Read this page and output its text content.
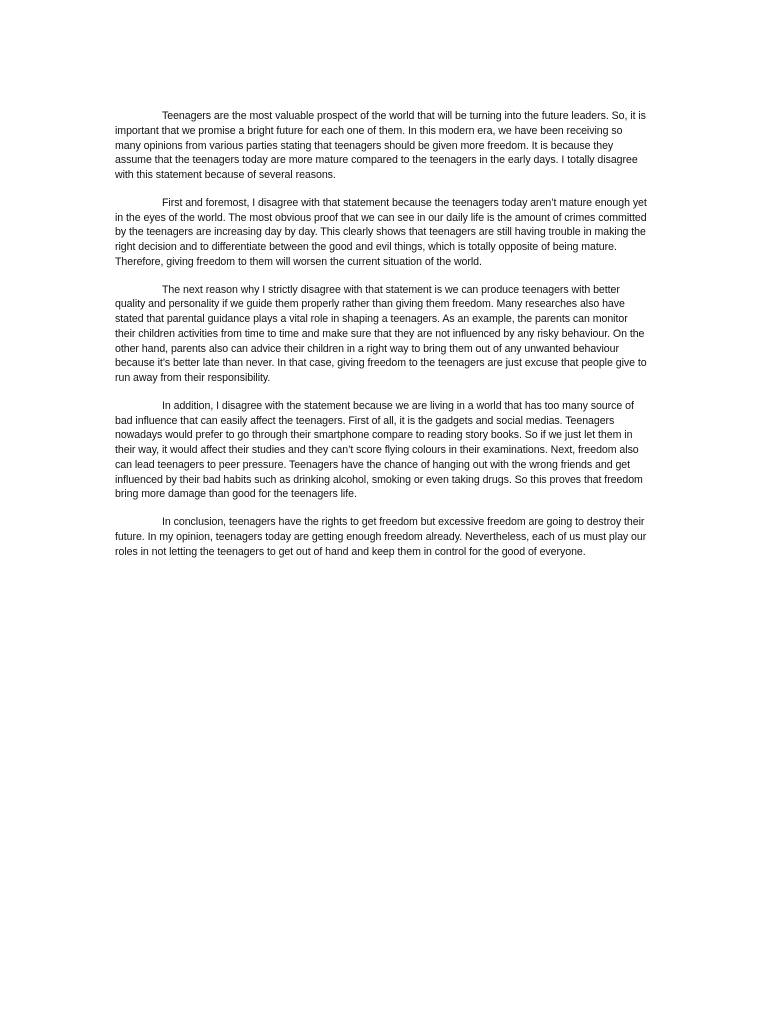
Teenagers are the most valuable prospect of the world that will be turning into the future leaders. So, it is important that we promise a bright future for each one of them. In this modern era, we have been receiving so many opinions from various parties stating that teenagers should be given more freedom. It is because they assume that the teenagers today are more mature compared to the teenagers in the early days. I totally disagree with this statement because of several reasons.

First and foremost, I disagree with that statement because the teenagers today aren’t mature enough yet in the eyes of the world. The most obvious proof that we can see in our daily life is the amount of crimes committed by the teenagers are increasing day by day. This clearly shows that teenagers are still having trouble in making the right decision and to differentiate between the good and evil things, which is totally opposite of being mature. Therefore, giving freedom to them will worsen the current situation of the world.

The next reason why I strictly disagree with that statement is we can produce teenagers with better quality and personality if we guide them properly rather than giving them freedom. Many researches also have stated that parental guidance plays a vital role in shaping a teenagers. As an example, the parents can monitor their children activities from time to time and make sure that they are not influenced by any risky behaviour. On the other hand, parents also can advice their children in a right way to bring them out of any unwanted behaviour because it’s better late than never. In that case, giving freedom to the teenagers are just excuse that people give to run away from their responsibility.

In addition, I disagree with the statement because we are living in a world that has too many source of bad influence that can easily affect the teenagers. First of all, it is the gadgets and social medias. Teenagers nowadays would prefer to go through their smartphone compare to reading story books. So if we just let them in their way, it would affect their studies and they can’t score flying colours in their examinations. Next, freedom also can lead teenagers to peer pressure. Teenagers have the chance of hanging out with the wrong friends and get influenced by their bad habits such as drinking alcohol, smoking or even taking drugs. So this proves that freedom bring more damage than good for the teenagers life.

In conclusion, teenagers have the rights to get freedom but excessive freedom are going to destroy their future. In my opinion, teenagers today are getting enough freedom already. Nevertheless, each of us must play our roles in not letting the teenagers to get out of hand and keep them in control for the good of everyone.
